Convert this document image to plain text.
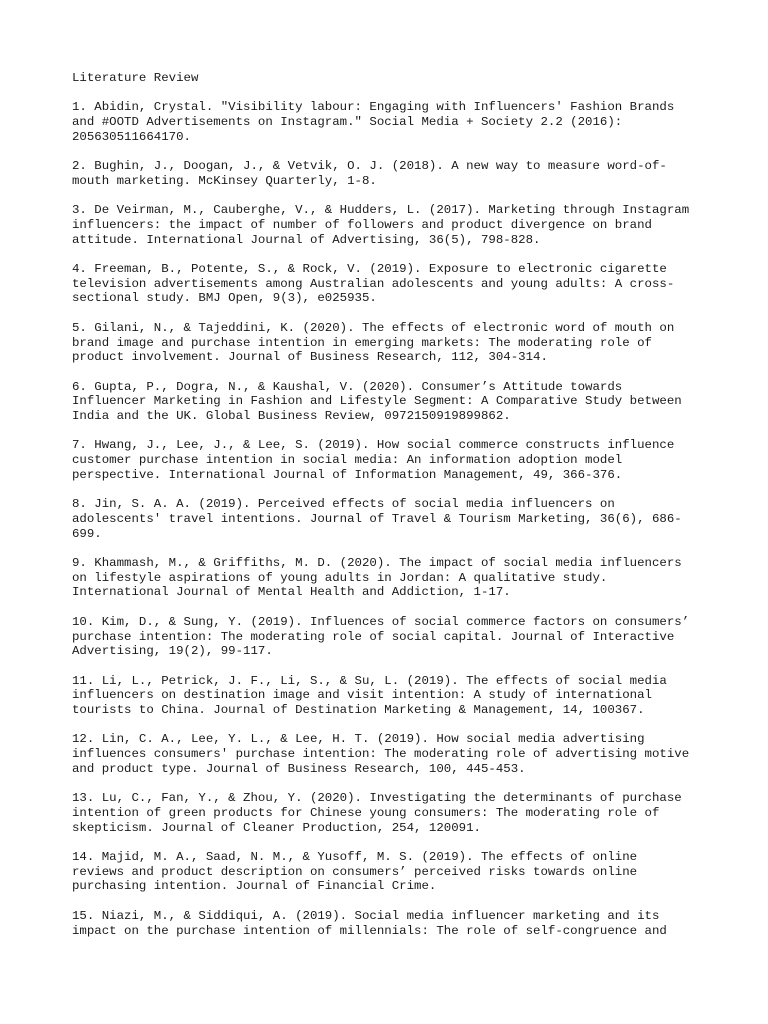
Literature Review
1. Abidin, Crystal. "Visibility labour: Engaging with Influencers' Fashion Brands
and #OOTD Advertisements on Instagram." Social Media + Society 2.2 (2016):
205630511664170.
2. Bughin, J., Doogan, J., & Vetvik, O. J. (2018). A new way to measure word-of-
mouth marketing. McKinsey Quarterly, 1-8.
3. De Veirman, M., Cauberghe, V., & Hudders, L. (2017). Marketing through Instagram
influencers: the impact of number of followers and product divergence on brand
attitude. International Journal of Advertising, 36(5), 798-828.
4. Freeman, B., Potente, S., & Rock, V. (2019). Exposure to electronic cigarette
television advertisements among Australian adolescents and young adults: A cross-
sectional study. BMJ Open, 9(3), e025935.
5. Gilani, N., & Tajeddini, K. (2020). The effects of electronic word of mouth on
brand image and purchase intention in emerging markets: The moderating role of
product involvement. Journal of Business Research, 112, 304-314.
6. Gupta, P., Dogra, N., & Kaushal, V. (2020). Consumer’s Attitude towards
Influencer Marketing in Fashion and Lifestyle Segment: A Comparative Study between
India and the UK. Global Business Review, 0972150919899862.
7. Hwang, J., Lee, J., & Lee, S. (2019). How social commerce constructs influence
customer purchase intention in social media: An information adoption model
perspective. International Journal of Information Management, 49, 366-376.
8. Jin, S. A. A. (2019). Perceived effects of social media influencers on
adolescents' travel intentions. Journal of Travel & Tourism Marketing, 36(6), 686-
699.
9. Khammash, M., & Griffiths, M. D. (2020). The impact of social media influencers
on lifestyle aspirations of young adults in Jordan: A qualitative study.
International Journal of Mental Health and Addiction, 1-17.
10. Kim, D., & Sung, Y. (2019). Influences of social commerce factors on consumers’
purchase intention: The moderating role of social capital. Journal of Interactive
Advertising, 19(2), 99-117.
11. Li, L., Petrick, J. F., Li, S., & Su, L. (2019). The effects of social media
influencers on destination image and visit intention: A study of international
tourists to China. Journal of Destination Marketing & Management, 14, 100367.
12. Lin, C. A., Lee, Y. L., & Lee, H. T. (2019). How social media advertising
influences consumers' purchase intention: The moderating role of advertising motive
and product type. Journal of Business Research, 100, 445-453.
13. Lu, C., Fan, Y., & Zhou, Y. (2020). Investigating the determinants of purchase
intention of green products for Chinese young consumers: The moderating role of
skepticism. Journal of Cleaner Production, 254, 120091.
14. Majid, M. A., Saad, N. M., & Yusoff, M. S. (2019). The effects of online
reviews and product description on consumers’ perceived risks towards online
purchasing intention. Journal of Financial Crime.
15. Niazi, M., & Siddiqui, A. (2019). Social media influencer marketing and its
impact on the purchase intention of millennials: The role of self-congruence and
